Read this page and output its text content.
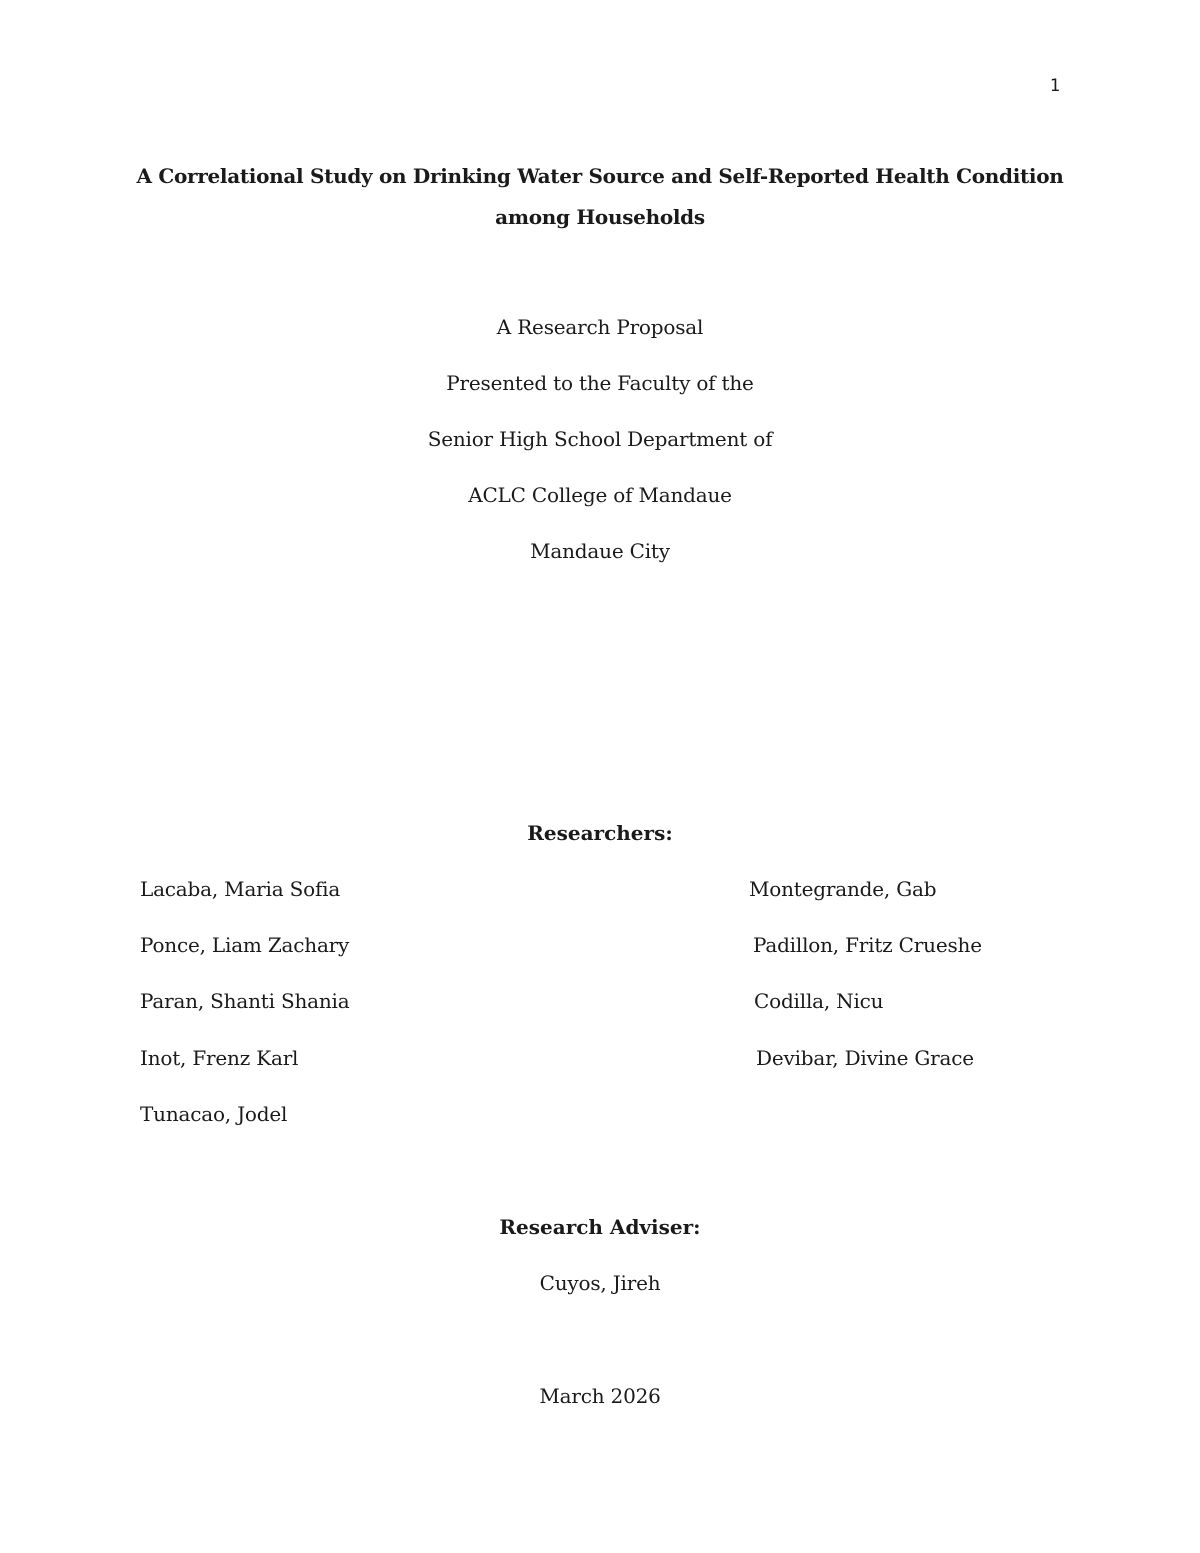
1
A Correlational Study on Drinking Water Source and Self-Reported Health Condition among Households
A Research Proposal
Presented to the Faculty of the
Senior High School Department of
ACLC College of Mandaue
Mandaue City
Researchers:
Lacaba, Maria Sofia
Ponce, Liam Zachary
Paran, Shanti Shania
Inot, Frenz Karl
Tunacao, Jodel
Montegrande, Gab
Padillon, Fritz Crueshe
Codilla, Nicu
Devibar, Divine Grace
Research Adviser:
Cuyos, Jireh
March 2026
